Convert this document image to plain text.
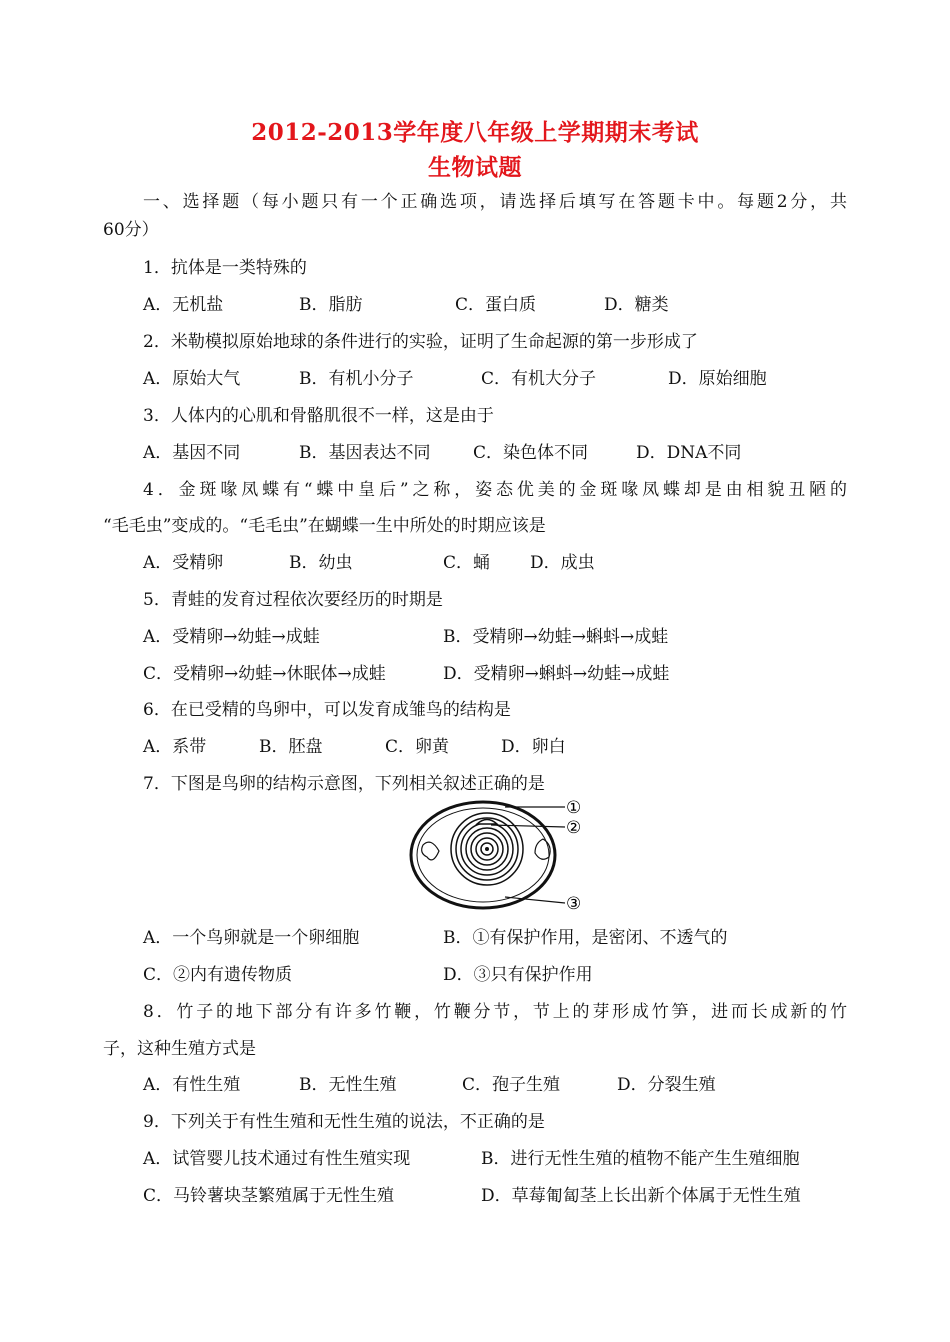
2012-2013学年度八年级上学期期末考试
生物试题
一、选择题（每小题只有一个正确选项，请选择后填写在答题卡中。每题2分，共
60分）
1．抗体是一类特殊的
A．无机盐	B．脂肪	C．蛋白质	D．糖类
2．米勒模拟原始地球的条件进行的实验，证明了生命起源的第一步形成了
A．原始大气	B．有机小分子	C．有机大分子	D．原始细胞
3．人体内的心肌和骨骼肌很不一样，这是由于
A．基因不同	B．基因表达不同	C．染色体不同	D．DNA不同
4．金斑喙凤蝶有“蝶中皇后”之称，姿态优美的金斑喙凤蝶却是由相貌丑陋的
“毛毛虫”变成的。“毛毛虫”在蝴蝶一生中所处的时期应该是
A．受精卵	B．幼虫	C．蛹 D．成虫
5．青蛙的发育过程依次要经历的时期是
A．受精卵→幼蛙→成蛙	B．受精卵→幼蛙→蝌蚪→成蛙
C．受精卵→幼蛙→休眠体→成蛙	D．受精卵→蝌蚪→幼蛙→成蛙
6．在已受精的鸟卵中，可以发育成雏鸟的结构是
A．系带	B．胚盘	C．卵黄	D．卵白
7．下图是鸟卵的结构示意图，下列相关叙述正确的是
①
②
③
A．一个鸟卵就是一个卵细胞	B．①有保护作用，是密闭、不透气的
C．②内有遗传物质	D．③只有保护作用
8．竹子的地下部分有许多竹鞭，竹鞭分节，节上的芽形成竹笋，进而长成新的竹
子，这种生殖方式是
A．有性生殖	B．无性生殖	C．孢子生殖	D．分裂生殖
9．下列关于有性生殖和无性生殖的说法，不正确的是
A．试管婴儿技术通过有性生殖实现	B．进行无性生殖的植物不能产生生殖细胞
C．马铃薯块茎繁殖属于无性生殖	D．草莓匍匐茎上长出新个体属于无性生殖
